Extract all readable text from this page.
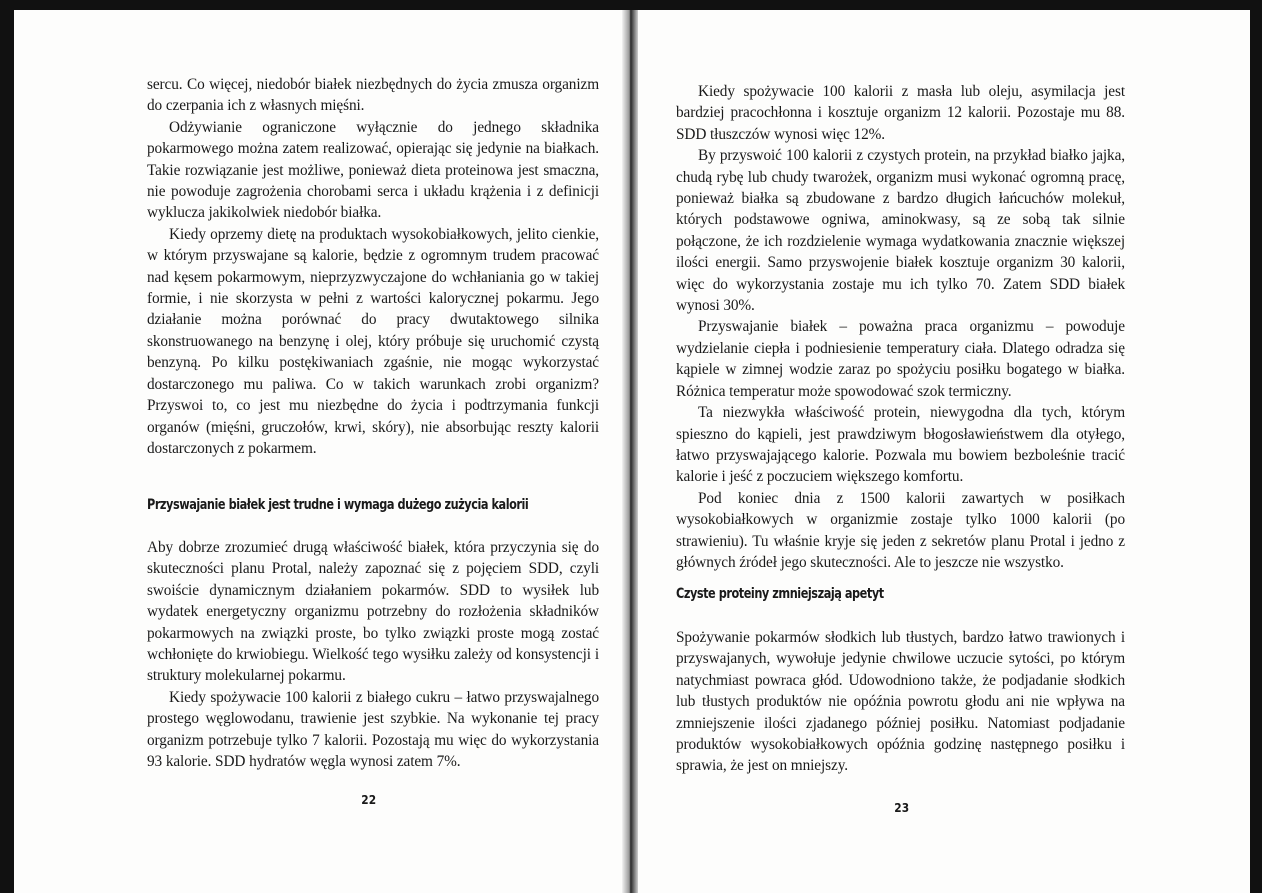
sercu. Co więcej, niedobór białek niezbędnych do życia zmusza organizm do czerpania ich z własnych mięśni.

Odżywianie ograniczone wyłącznie do jednego składnika pokarmowego można zatem realizować, opierając się jedynie na białkach. Takie rozwiązanie jest możliwe, ponieważ dieta proteinowa jest smaczna, nie powoduje zagrożenia chorobami serca i układu krążenia i z definicji wyklucza jakikolwiek niedobór białka.

Kiedy oprzemy dietę na produktach wysokobiałkowych, jelito cienkie, w którym przyswajane są kalorie, będzie z ogromnym trudem pracować nad kęsem pokarmowym, nieprzyzwyczajone do wchłaniania go w takiej formie, i nie skorzysta w pełni z wartości kalorycznej pokarmu. Jego działanie można porównać do pracy dwutaktowego silnika skonstruowanego na benzynę i olej, który próbuje się uruchomić czystą benzyną. Po kilku postękiwaniach zgaśnie, nie mogąc wykorzystać dostarczonego mu paliwa. Co w takich warunkach zrobi organizm? Przyswoi to, co jest mu niezbędne do życia i podtrzymania funkcji organów (mięśni, gruczołów, krwi, skóry), nie absorbując reszty kalorii dostarczonych z pokarmem.

Przyswajanie białek jest trudne i wymaga dużego zużycia kalorii

Aby dobrze zrozumieć drugą właściwość białek, która przyczynia się do skuteczności planu Protal, należy zapoznać się z pojęciem SDD, czyli swoiście dynamicznym działaniem pokarmów. SDD to wysiłek lub wydatek energetyczny organizmu potrzebny do rozłożenia składników pokarmowych na związki proste, bo tylko związki proste mogą zostać wchłonięte do krwiobiegu. Wielkość tego wysiłku zależy od konsystencji i struktury molekularnej pokarmu.

Kiedy spożywacie 100 kalorii z białego cukru – łatwo przyswajalnego prostego węglowodanu, trawienie jest szybkie. Na wykonanie tej pracy organizm potrzebuje tylko 7 kalorii. Pozostają mu więc do wykorzystania 93 kalorie. SDD hydratów węgla wynosi zatem 7%.

22

Kiedy spożywacie 100 kalorii z masła lub oleju, asymilacja jest bardziej pracochłonna i kosztuje organizm 12 kalorii. Pozostaje mu 88. SDD tłuszczów wynosi więc 12%.

By przyswoić 100 kalorii z czystych protein, na przykład białko jajka, chudą rybę lub chudy twarożek, organizm musi wykonać ogromną pracę, ponieważ białka są zbudowane z bardzo długich łańcuchów molekuł, których podstawowe ogniwa, aminokwasy, są ze sobą tak silnie połączone, że ich rozdzielenie wymaga wydatkowania znacznie większej ilości energii. Samo przyswojenie białek kosztuje organizm 30 kalorii, więc do wykorzystania zostaje mu ich tylko 70. Zatem SDD białek wynosi 30%.

Przyswajanie białek – poważna praca organizmu – powoduje wydzielanie ciepła i podniesienie temperatury ciała. Dlatego odradza się kąpiele w zimnej wodzie zaraz po spożyciu posiłku bogatego w białka. Różnica temperatur może spowodować szok termiczny.

Ta niezwykła właściwość protein, niewygodna dla tych, którym spieszno do kąpieli, jest prawdziwym błogosławieństwem dla otyłego, łatwo przyswajającego kalorie. Pozwala mu bowiem bezboleśnie tracić kalorie i jeść z poczuciem większego komfortu.

Pod koniec dnia z 1500 kalorii zawartych w posiłkach wysokobiałkowych w organizmie zostaje tylko 1000 kalorii (po strawieniu). Tu właśnie kryje się jeden z sekretów planu Protal i jedno z głównych źródeł jego skuteczności. Ale to jeszcze nie wszystko.

Czyste proteiny zmniejszają apetyt

Spożywanie pokarmów słodkich lub tłustych, bardzo łatwo trawionych i przyswajanych, wywołuje jedynie chwilowe uczucie sytości, po którym natychmiast powraca głód. Udowodniono także, że podjadanie słodkich lub tłustych produktów nie opóźnia powrotu głodu ani nie wpływa na zmniejszenie ilości zjadanego później posiłku. Natomiast podjadanie produktów wysokobiałkowych opóźnia godzinę następnego posiłku i sprawia, że jest on mniejszy.

23
